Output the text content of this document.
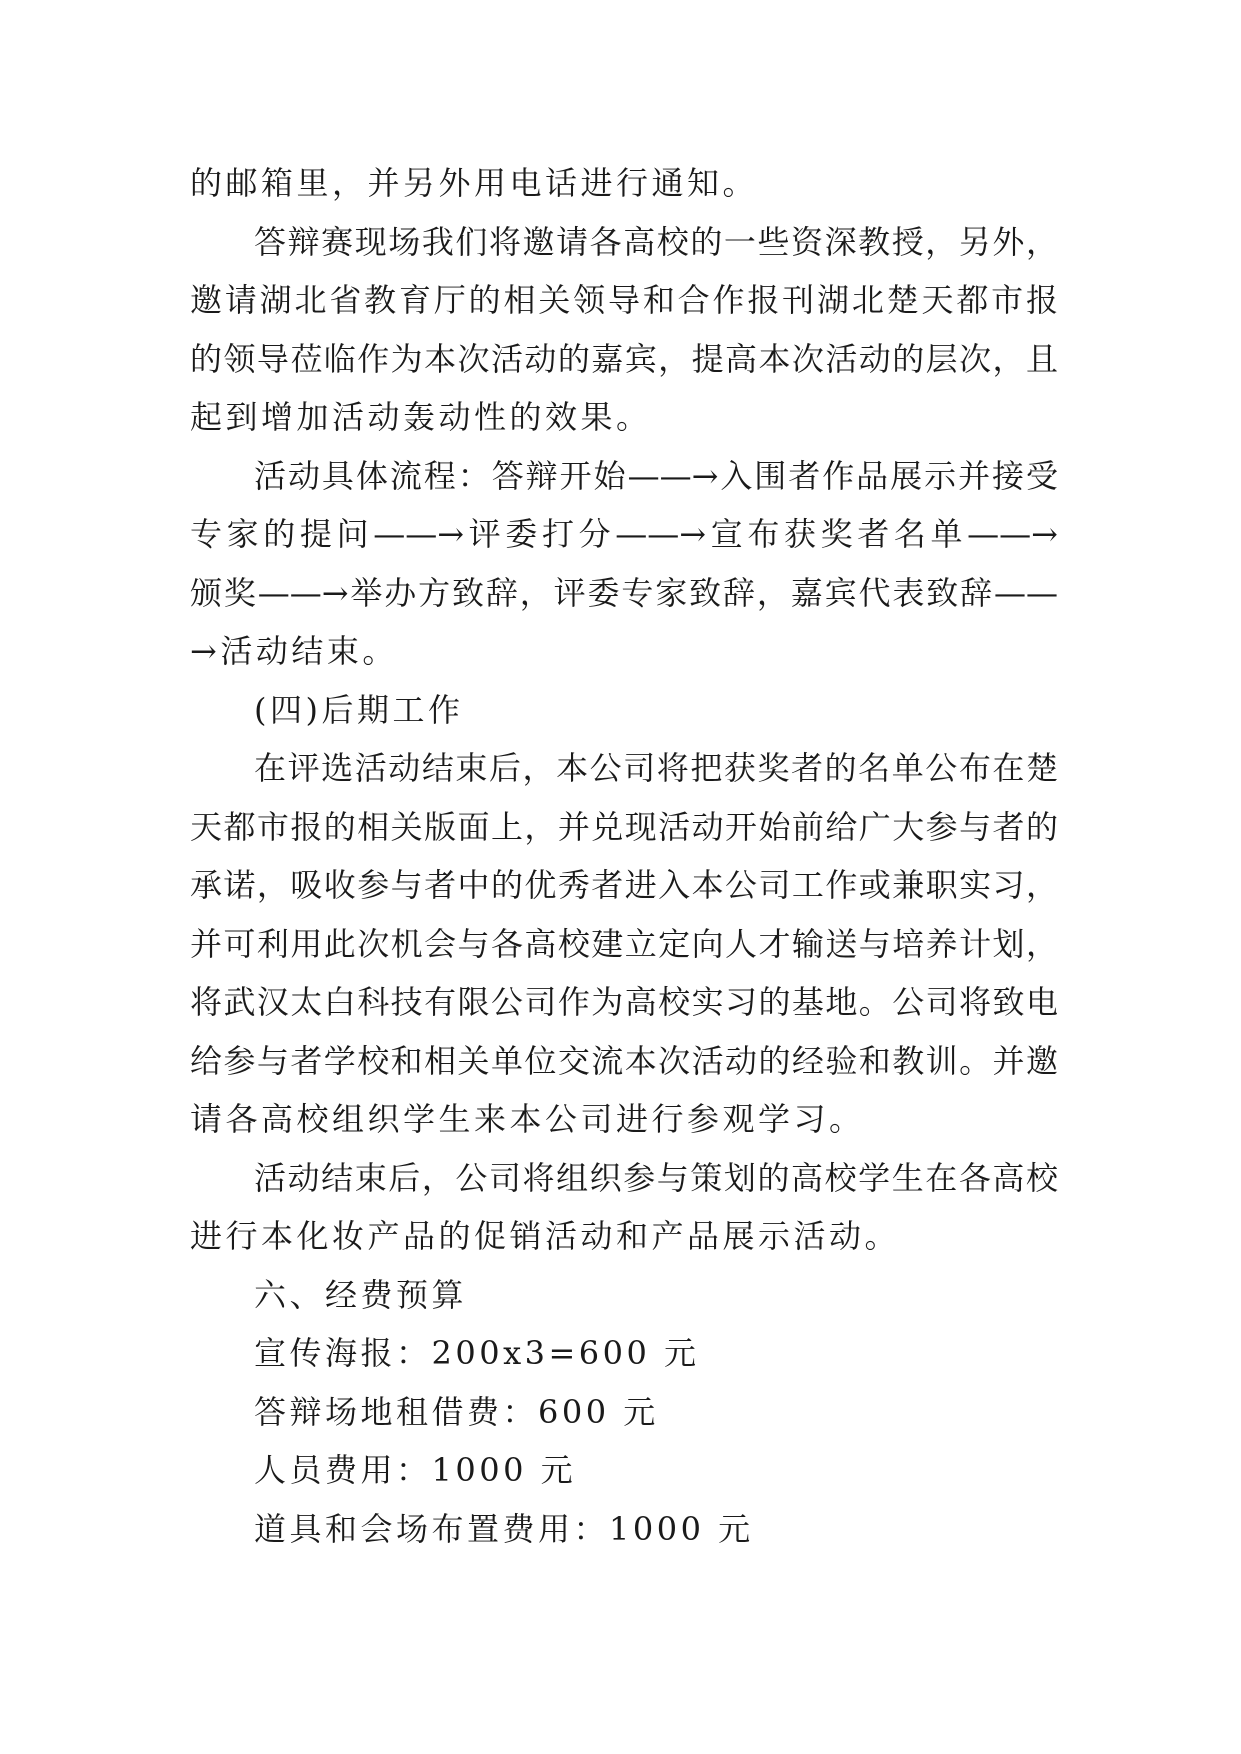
的邮箱里，并另外用电话进行通知。
答辩赛现场我们将邀请各高校的一些资深教授，另外，
邀请湖北省教育厅的相关领导和合作报刊湖北楚天都市报
的领导莅临作为本次活动的嘉宾，提高本次活动的层次，且
起到增加活动轰动性的效果。
活动具体流程：答辩开始——→入围者作品展示并接受
专家的提问——→评委打分——→宣布获奖者名单——→
颁奖——→举办方致辞，评委专家致辞，嘉宾代表致辞——
→活动结束。
(四)后期工作
在评选活动结束后，本公司将把获奖者的名单公布在楚
天都市报的相关版面上，并兑现活动开始前给广大参与者的
承诺，吸收参与者中的优秀者进入本公司工作或兼职实习，
并可利用此次机会与各高校建立定向人才输送与培养计划，
将武汉太白科技有限公司作为高校实习的基地。公司将致电
给参与者学校和相关单位交流本次活动的经验和教训。并邀
请各高校组织学生来本公司进行参观学习。
活动结束后，公司将组织参与策划的高校学生在各高校
进行本化妆产品的促销活动和产品展示活动。
六、经费预算
宣传海报：200x3=600 元
答辩场地租借费：600 元
人员费用：1000 元
道具和会场布置费用：1000 元
